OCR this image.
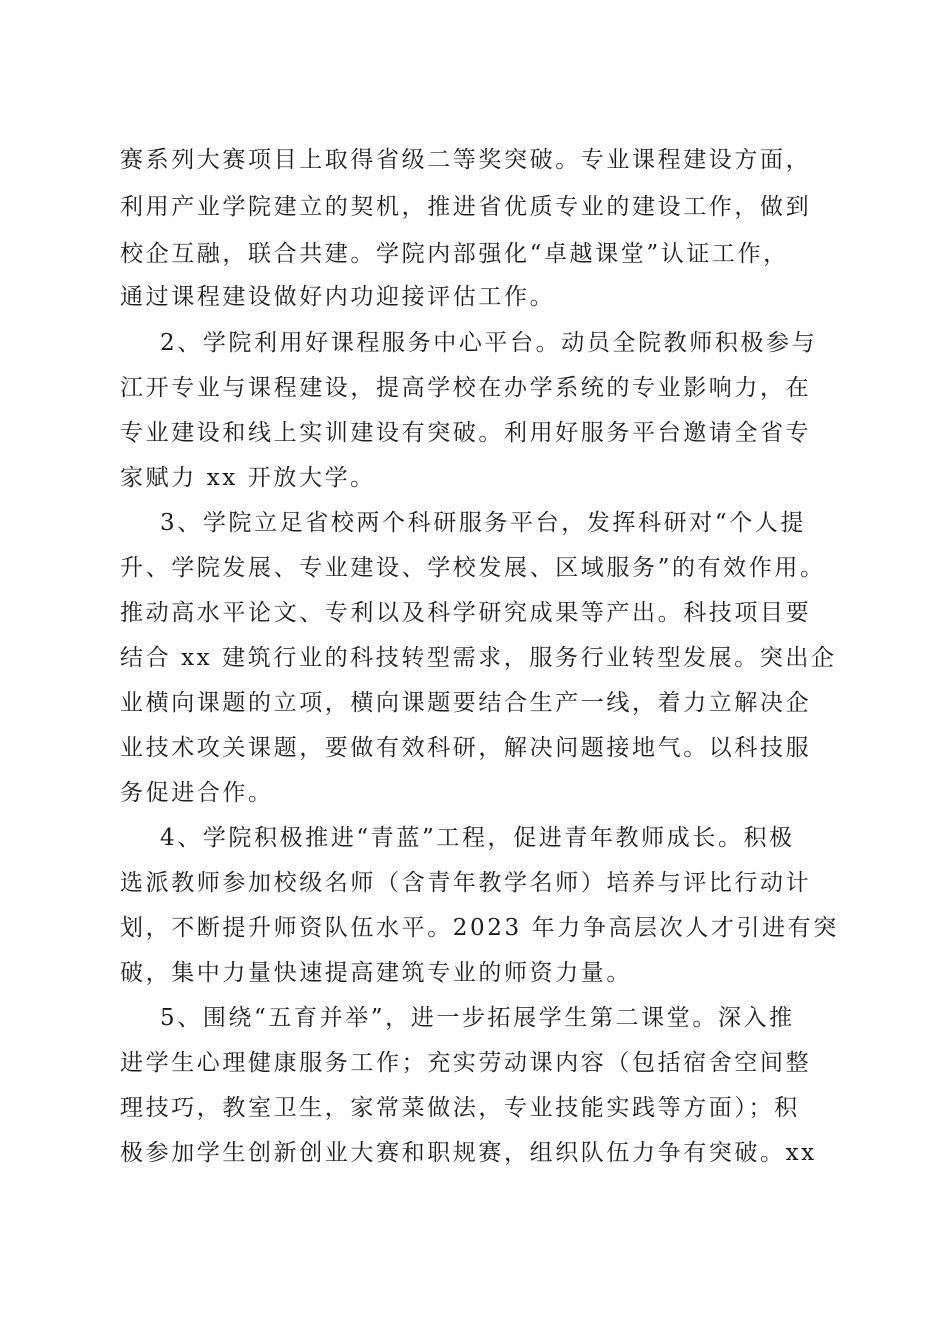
赛系列大赛项目上取得省级二等奖突破。专业课程建设方面，
利用产业学院建立的契机，推进省优质专业的建设工作，做到
校企互融，联合共建。学院内部强化“卓越课堂”认证工作，
通过课程建设做好内功迎接评估工作。
2、学院利用好课程服务中心平台。动员全院教师积极参与
江开专业与课程建设，提高学校在办学系统的专业影响力，在
专业建设和线上实训建设有突破。利用好服务平台邀请全省专
家赋力 xx 开放大学。
3、学院立足省校两个科研服务平台，发挥科研对“个人提
升、学院发展、专业建设、学校发展、区域服务”的有效作用。
推动高水平论文、专利以及科学研究成果等产出。科技项目要
结合 xx 建筑行业的科技转型需求，服务行业转型发展。突出企
业横向课题的立项，横向课题要结合生产一线，着力立解决企
业技术攻关课题，要做有效科研，解决问题接地气。以科技服
务促进合作。
4、学院积极推进“青蓝”工程，促进青年教师成长。积极
选派教师参加校级名师（含青年教学名师）培养与评比行动计
划，不断提升师资队伍水平。2023 年力争高层次人才引进有突
破，集中力量快速提高建筑专业的师资力量。
5、围绕“五育并举”，进一步拓展学生第二课堂。深入推
进学生心理健康服务工作；充实劳动课内容（包括宿舍空间整
理技巧，教室卫生，家常菜做法，专业技能实践等方面）；积
极参加学生创新创业大赛和职规赛，组织队伍力争有突破。xx
